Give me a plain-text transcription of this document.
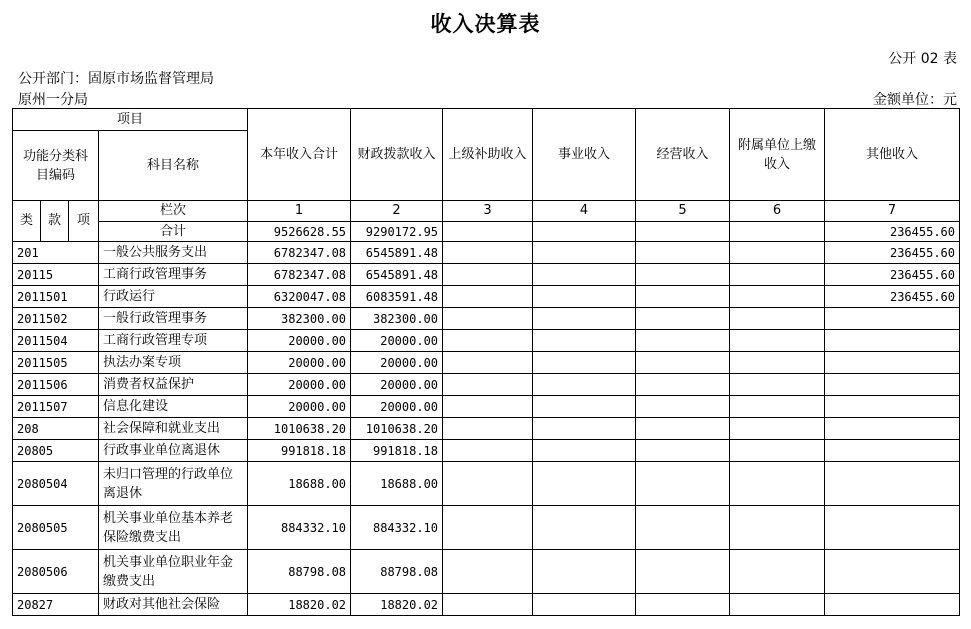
收入决算表
公开 02 表
公开部门：固原市场监督管理局
原州一分局	金额单位：元
项目				本年收入合计	财政拨款收入	上级补助收入	事业收入	经营收入	附属单位上缴收入	其他收入
功能分类科目编码			科目名称							
类	款	项	栏次	1	2	3	4	5	6	7
			合计	9526628.55	9290172.95					236455.60
201			一般公共服务支出	6782347.08	6545891.48					236455.60
20115			工商行政管理事务	6782347.08	6545891.48					236455.60
2011501			行政运行	6320047.08	6083591.48					236455.60
2011502			一般行政管理事务	382300.00	382300.00					
2011504			工商行政管理专项	20000.00	20000.00					
2011505			执法办案专项	20000.00	20000.00					
2011506			消费者权益保护	20000.00	20000.00					
2011507			信息化建设	20000.00	20000.00					
208			社会保障和就业支出	1010638.20	1010638.20					
20805			行政事业单位离退休	991818.18	991818.18					
2080504			未归口管理的行政单位离退休	18688.00	18688.00					
2080505			机关事业单位基本养老保险缴费支出	884332.10	884332.10					
2080506			机关事业单位职业年金缴费支出	88798.08	88798.08					
20827			财政对其他社会保险	18820.02	18820.02					
